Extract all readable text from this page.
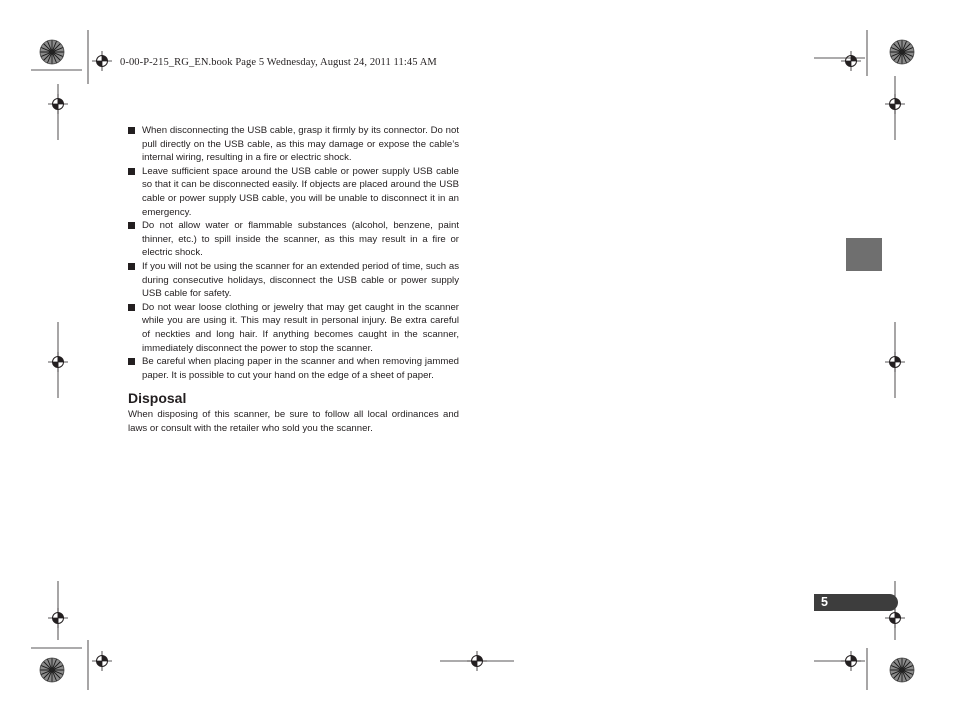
0-00-P-215_RG_EN.book Page 5 Wednesday, August 24, 2011 11:45 AM
When disconnecting the USB cable, grasp it firmly by its connector. Do not pull directly on the USB cable, as this may damage or expose the cable’s internal wiring, resulting in a fire or electric shock.
Leave sufficient space around the USB cable or power supply USB cable so that it can be disconnected easily. If objects are placed around the USB cable or power supply USB cable, you will be unable to disconnect it in an emergency.
Do not allow water or flammable substances (alcohol, benzene, paint thinner, etc.) to spill inside the scanner, as this may result in a fire or electric shock.
If you will not be using the scanner for an extended period of time, such as during consecutive holidays, disconnect the USB cable or power supply USB cable for safety.
Do not wear loose clothing or jewelry that may get caught in the scanner while you are using it. This may result in personal injury. Be extra careful of neckties and long hair. If anything becomes caught in the scanner, immediately disconnect the power to stop the scanner.
Be careful when placing paper in the scanner and when removing jammed paper. It is possible to cut your hand on the edge of a sheet of paper.
Disposal

When disposing of this scanner, be sure to follow all local ordinances and laws or consult with the retailer who sold you the scanner.

5
